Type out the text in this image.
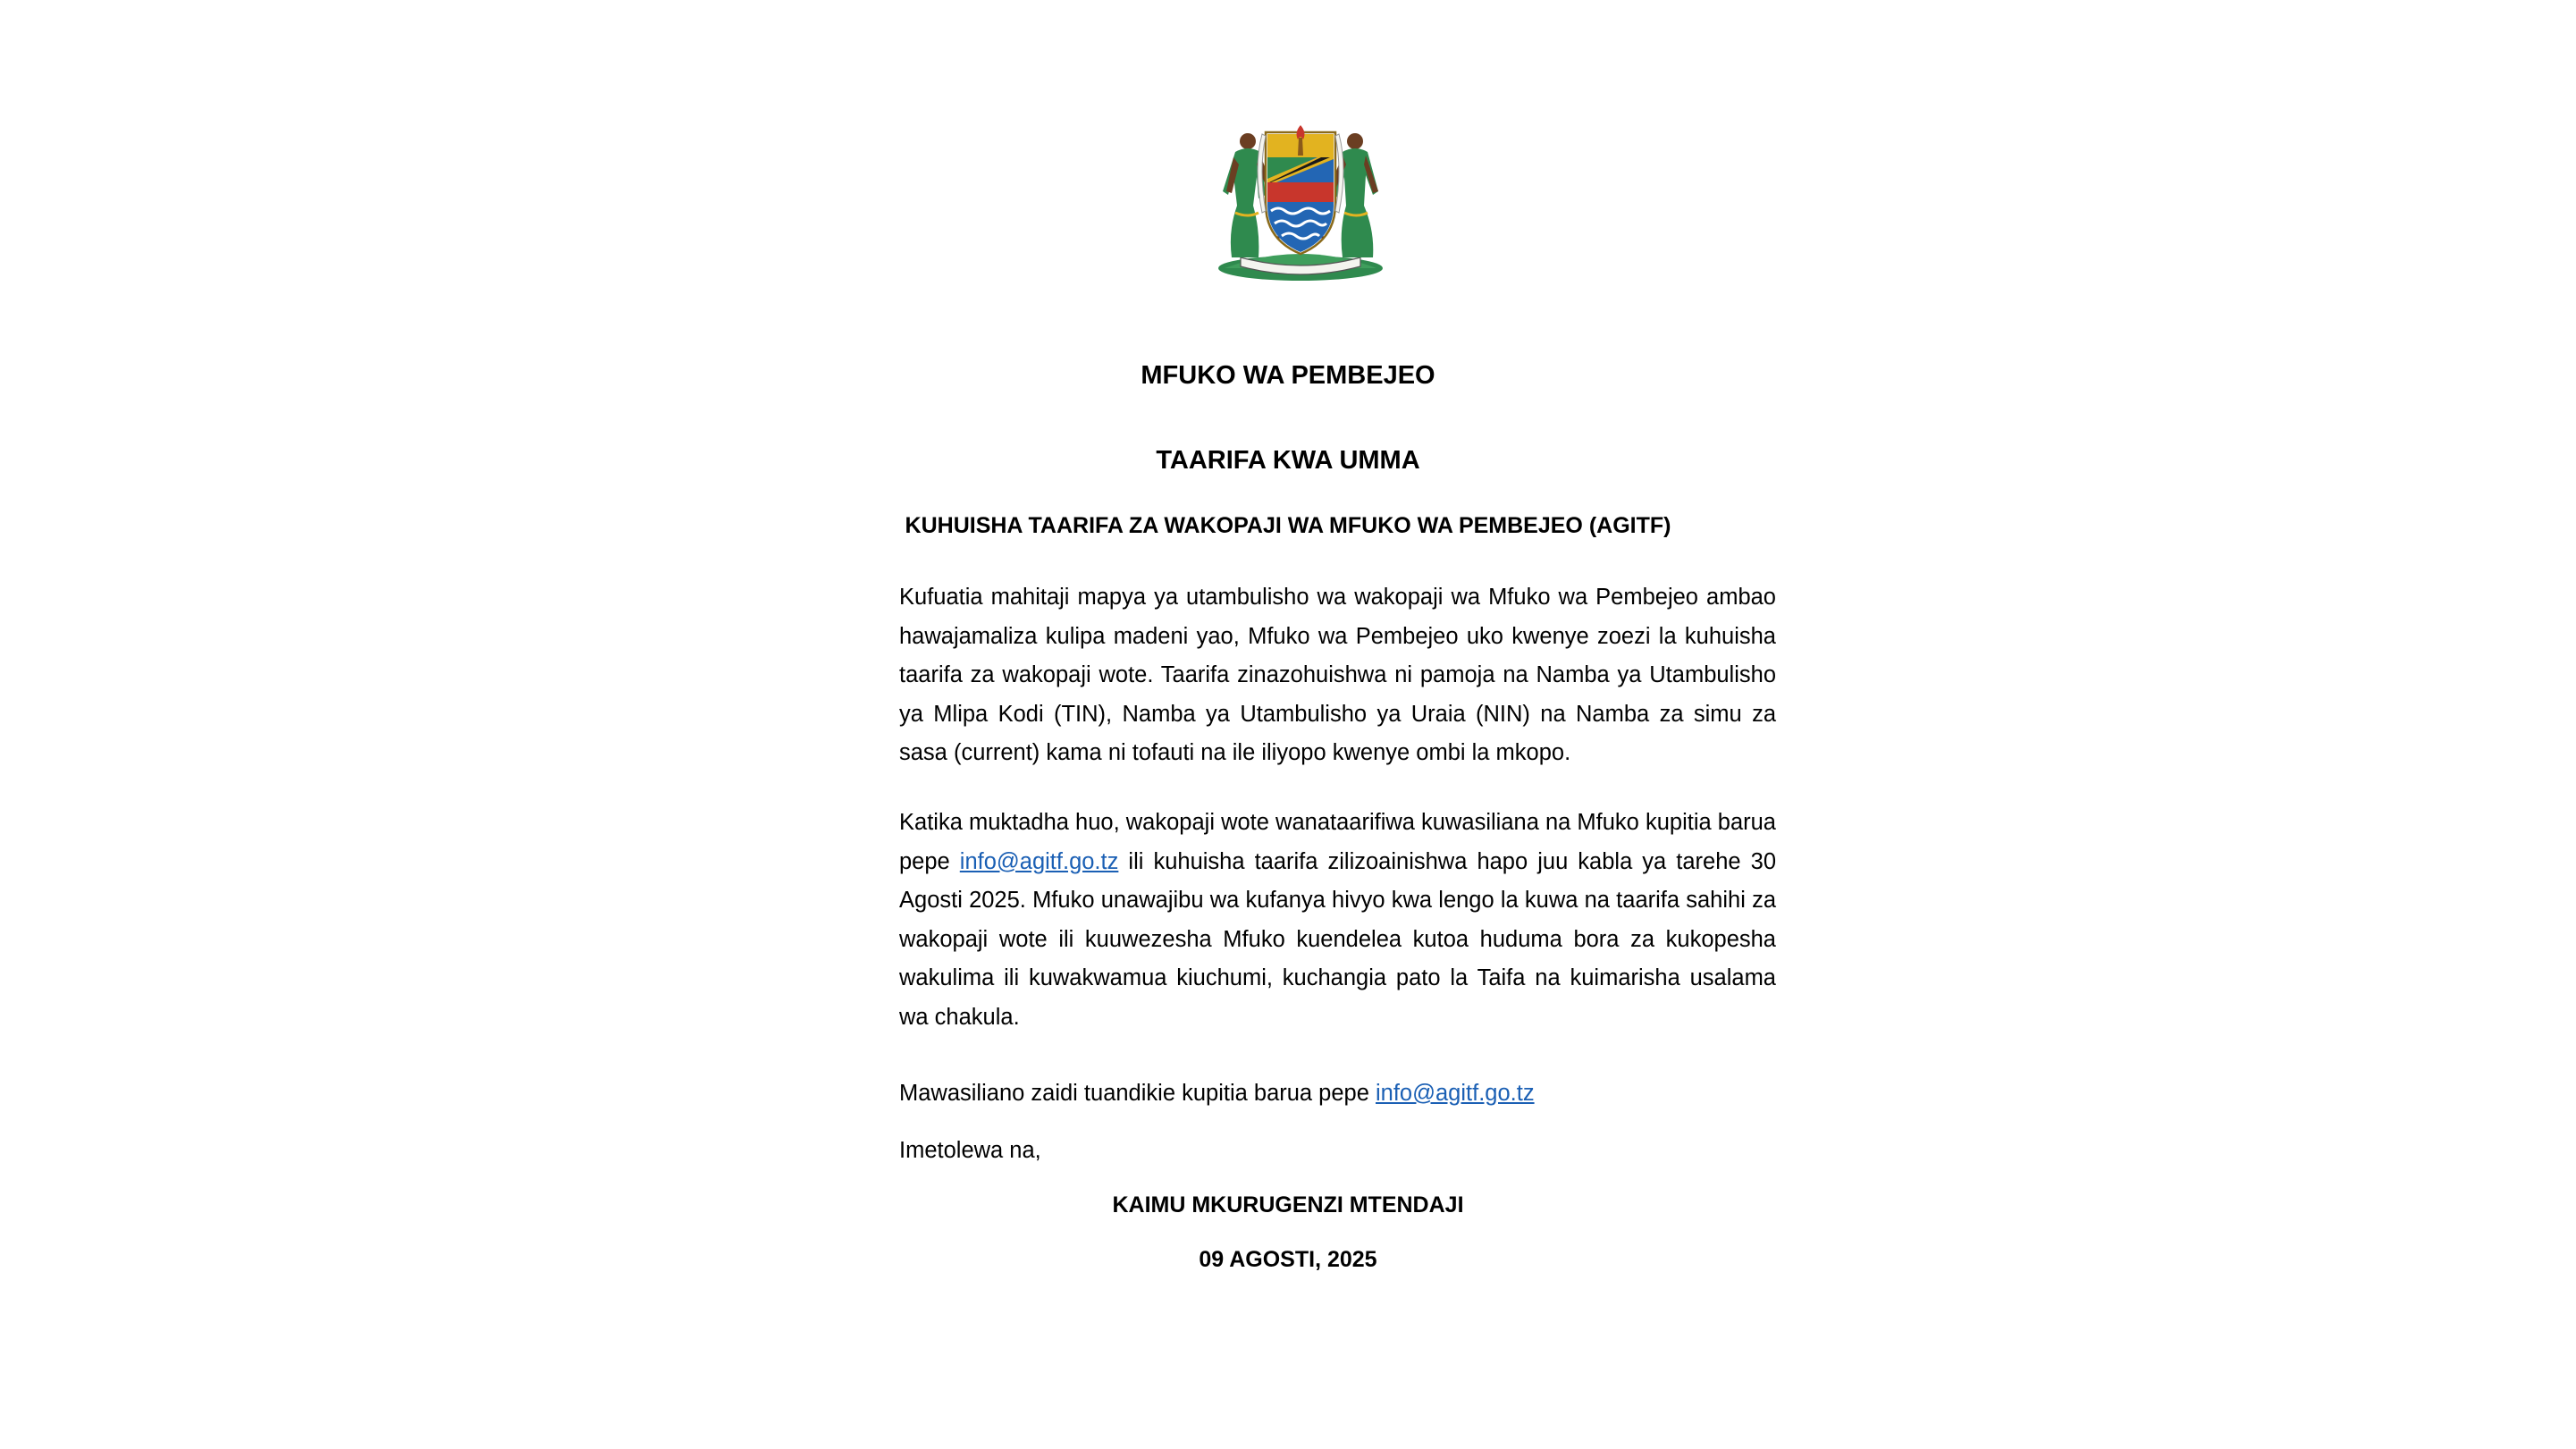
MFUKO WA PEMBEJEO
TAARIFA KWA UMMA
KUHUISHA TAARIFA ZA WAKOPAJI WA MFUKO WA PEMBEJEO (AGITF)

Kufuatia mahitaji mapya ya utambulisho wa wakopaji wa Mfuko wa Pembejeo ambao hawajamaliza kulipa madeni yao, Mfuko wa Pembejeo uko kwenye zoezi la kuhuisha taarifa za wakopaji wote. Taarifa zinazohuishwa ni pamoja na Namba ya Utambulisho ya Mlipa Kodi (TIN), Namba ya Utambulisho ya Uraia (NIN) na Namba za simu za sasa (current) kama ni tofauti na ile iliyopo kwenye ombi la mkopo.

Katika muktadha huo, wakopaji wote wanataarifiwa kuwasiliana na Mfuko kupitia barua pepe info@agitf.go.tz ili kuhuisha taarifa zilizoainishwa hapo juu kabla ya tarehe 30 Agosti 2025. Mfuko unawajibu wa kufanya hivyo kwa lengo la kuwa na taarifa sahihi za wakopaji wote ili kuuwezesha Mfuko kuendelea kutoa huduma bora za kukopesha wakulima ili kuwakwamua kiuchumi, kuchangia pato la Taifa na kuimarisha usalama wa chakula.

Mawasiliano zaidi tuandikie kupitia barua pepe info@agitf.go.tz

Imetolewa na,

KAIMU MKURUGENZI MTENDAJI
09 AGOSTI, 2025
